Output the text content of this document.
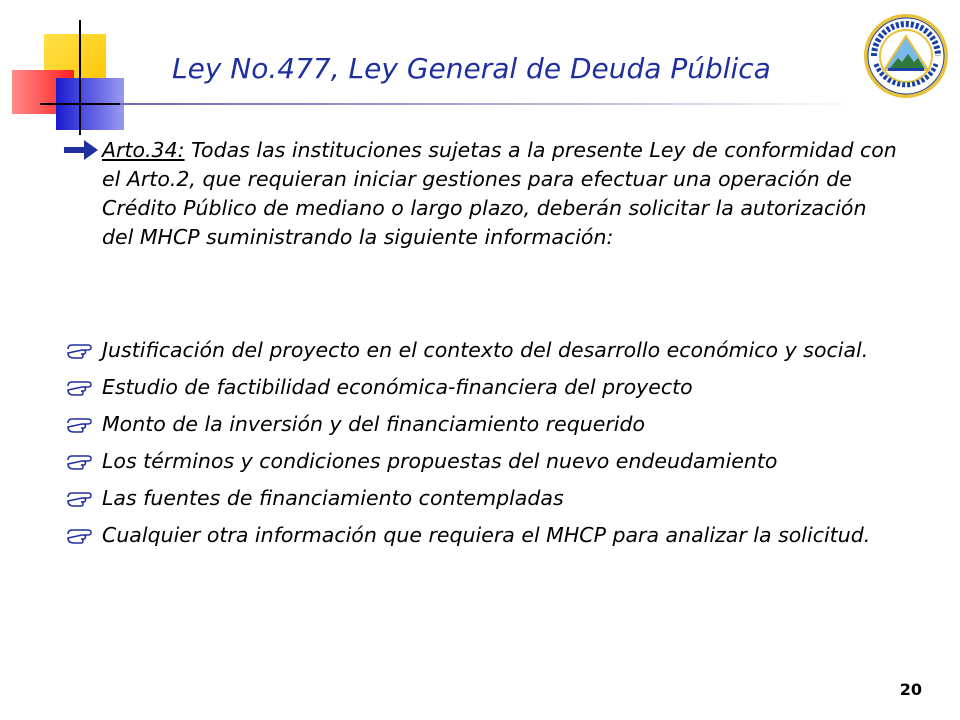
Ley No.477, Ley General de Deuda Pública
Arto.34: Todas las instituciones sujetas a la presente Ley de conformidad con el Arto.2, que requieran iniciar gestiones para efectuar una operación de Crédito Público de mediano o largo plazo, deberán solicitar la autorización del MHCP suministrando la siguiente información:
Justificación del proyecto en el contexto del desarrollo económico y social.
Estudio de factibilidad económica-financiera del proyecto
Monto de la inversión y del financiamiento requerido
Los términos y condiciones propuestas del nuevo endeudamiento
Las fuentes de financiamiento contempladas
Cualquier otra información que requiera el MHCP para analizar la solicitud.
20
